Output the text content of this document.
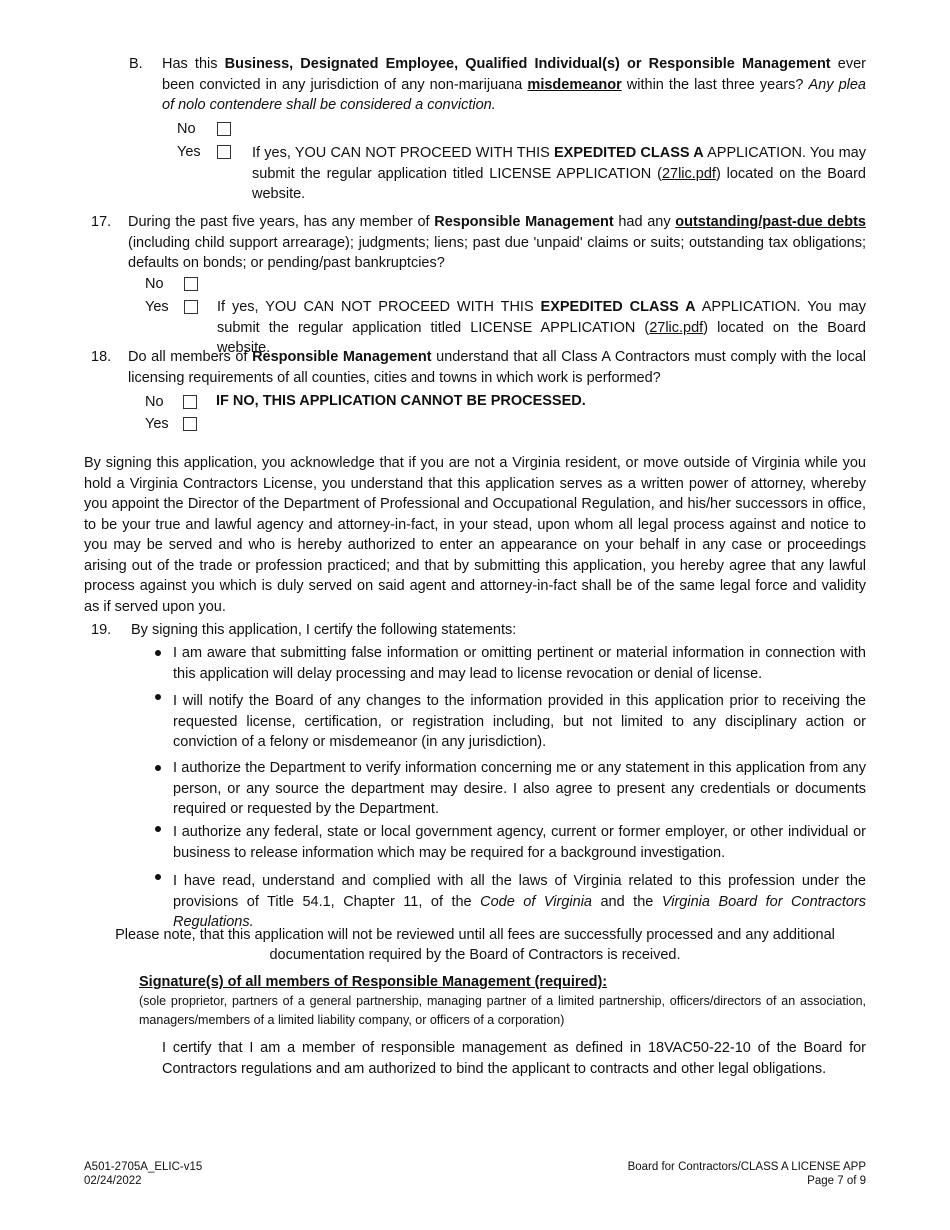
B. Has this Business, Designated Employee, Qualified Individual(s) or Responsible Management ever been convicted in any jurisdiction of any non-marijuana misdemeanor within the last three years? Any plea of nolo contendere shall be considered a conviction.
No
Yes	If yes, YOU CAN NOT PROCEED WITH THIS EXPEDITED CLASS A APPLICATION. You may submit the regular application titled LICENSE APPLICATION (27lic.pdf) located on the Board website.
17. During the past five years, has any member of Responsible Management had any outstanding/past-due debts (including child support arrearage); judgments; liens; past due 'unpaid' claims or suits; outstanding tax obligations; defaults on bonds; or pending/past bankruptcies?
No
Yes	If yes, YOU CAN NOT PROCEED WITH THIS EXPEDITED CLASS A APPLICATION. You may submit the regular application titled LICENSE APPLICATION (27lic.pdf) located on the Board website.
18. Do all members of Responsible Management understand that all Class A Contractors must comply with the local licensing requirements of all counties, cities and towns in which work is performed?
No	IF NO, THIS APPLICATION CANNOT BE PROCESSED.
Yes
By signing this application, you acknowledge that if you are not a Virginia resident, or move outside of Virginia while you hold a Virginia Contractors License, you understand that this application serves as a written power of attorney, whereby you appoint the Director of the Department of Professional and Occupational Regulation, and his/her successors in office, to be your true and lawful agency and attorney-in-fact, in your stead, upon whom all legal process against and notice to you may be served and who is hereby authorized to enter an appearance on your behalf in any case or proceedings arising out of the trade or profession practiced; and that by submitting this application, you hereby agree that any lawful process against you which is duly served on said agent and attorney-in-fact shall be of the same legal force and validity as if served upon you.
19. By signing this application, I certify the following statements:
I am aware that submitting false information or omitting pertinent or material information in connection with this application will delay processing and may lead to license revocation or denial of license.
I will notify the Board of any changes to the information provided in this application prior to receiving the requested license, certification, or registration including, but not limited to any disciplinary action or conviction of a felony or misdemeanor (in any jurisdiction).
I authorize the Department to verify information concerning me or any statement in this application from any person, or any source the department may desire. I also agree to present any credentials or documents required or requested by the Department.
I authorize any federal, state or local government agency, current or former employer, or other individual or business to release information which may be required for a background investigation.
I have read, understand and complied with all the laws of Virginia related to this profession under the provisions of Title 54.1, Chapter 11, of the Code of Virginia and the Virginia Board for Contractors Regulations.
Please note, that this application will not be reviewed until all fees are successfully processed and any additional
documentation required by the Board of Contractors is received.
Signature(s) of all members of Responsible Management (required):
(sole proprietor, partners of a general partnership, managing partner of a limited partnership, officers/directors of an association, managers/members of a limited liability company, or officers of a corporation)
I certify that I am a member of responsible management as defined in 18VAC50-22-10 of the Board for Contractors regulations and am authorized to bind the applicant to contracts and other legal obligations.
A501-2705A_ELIC-v15
02/24/2022
Board for Contractors/CLASS A LICENSE APP
Page 7 of 9
